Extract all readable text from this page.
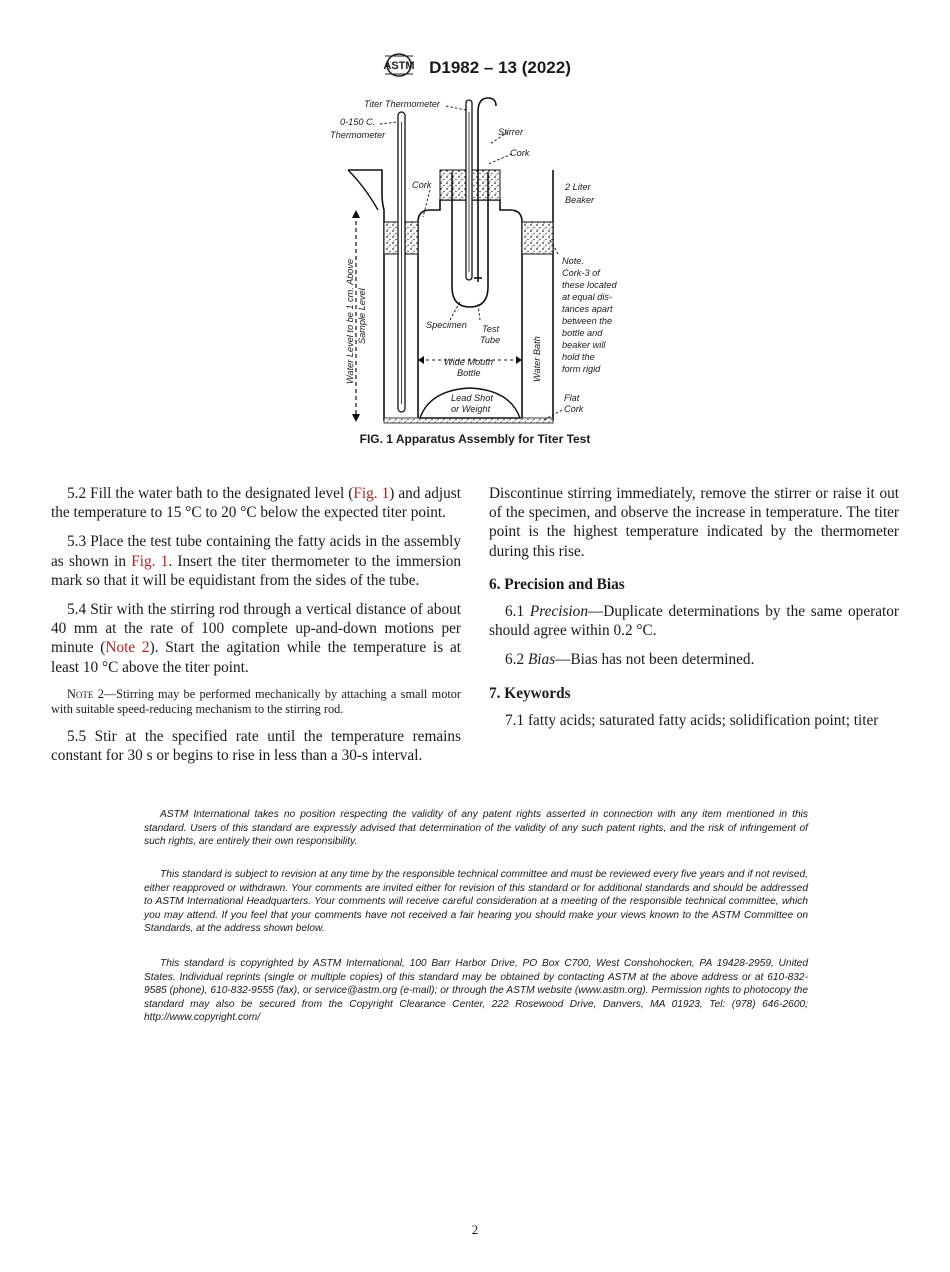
ASTM D1982 – 13 (2022)
Titer Thermometer
0-150 C.
Thermometer	Stirrer
Cork
Cork	2 Liter
Beaker
Note.
Cork-3 of
these located
at equal dis-
tances apart
between the
bottle and
beaker will
hold the
form rigid
Water Level to be 1 cm. Above Sample Level	Specimen Test
Tube	Water Bath
Wide Mouth
Bottle
Lead Shot
or Weight
Flat
Cork
FIG. 1 Apparatus Assembly for Titer Test

5.2 Fill the water bath to the designated level (Fig. 1) and adjust the temperature to 15 °C to 20 °C below the expected titer point.

5.3 Place the test tube containing the fatty acids in the assembly as shown in Fig. 1. Insert the titer thermometer to the immersion mark so that it will be equidistant from the sides of the tube.

5.4 Stir with the stirring rod through a vertical distance of about 40 mm at the rate of 100 complete up-and-down motions per minute (Note 2). Start the agitation while the temperature is at least 10 °C above the titer point.

Note 2—Stirring may be performed mechanically by attaching a small motor with suitable speed-reducing mechanism to the stirring rod.

5.5 Stir at the specified rate until the temperature remains constant for 30 s or begins to rise in less than a 30-s interval.

Discontinue stirring immediately, remove the stirrer or raise it out of the specimen, and observe the increase in temperature. The titer point is the highest temperature indicated by the thermometer during this rise.

6. Precision and Bias

6.1 Precision—Duplicate determinations by the same operator should agree within 0.2 °C.

6.2 Bias—Bias has not been determined.

7. Keywords

7.1 fatty acids; saturated fatty acids; solidification point; titer

ASTM International takes no position respecting the validity of any patent rights asserted in connection with any item mentioned in this standard. Users of this standard are expressly advised that determination of the validity of any such patent rights, and the risk of infringement of such rights, are entirely their own responsibility.

This standard is subject to revision at any time by the responsible technical committee and must be reviewed every five years and if not revised, either reapproved or withdrawn. Your comments are invited either for revision of this standard or for additional standards and should be addressed to ASTM International Headquarters. Your comments will receive careful consideration at a meeting of the responsible technical committee, which you may attend. If you feel that your comments have not received a fair hearing you should make your views known to the ASTM Committee on Standards, at the address shown below.

This standard is copyrighted by ASTM International, 100 Barr Harbor Drive, PO Box C700, West Conshohocken, PA 19428-2959, United States. Individual reprints (single or multiple copies) of this standard may be obtained by contacting ASTM at the above address or at 610-832-9585 (phone), 610-832-9555 (fax), or service@astm.org (e-mail); or through the ASTM website (www.astm.org). Permission rights to photocopy the standard may also be secured from the Copyright Clearance Center, 222 Rosewood Drive, Danvers, MA 01923, Tel: (978) 646-2600; http://www.copyright.com/

2
